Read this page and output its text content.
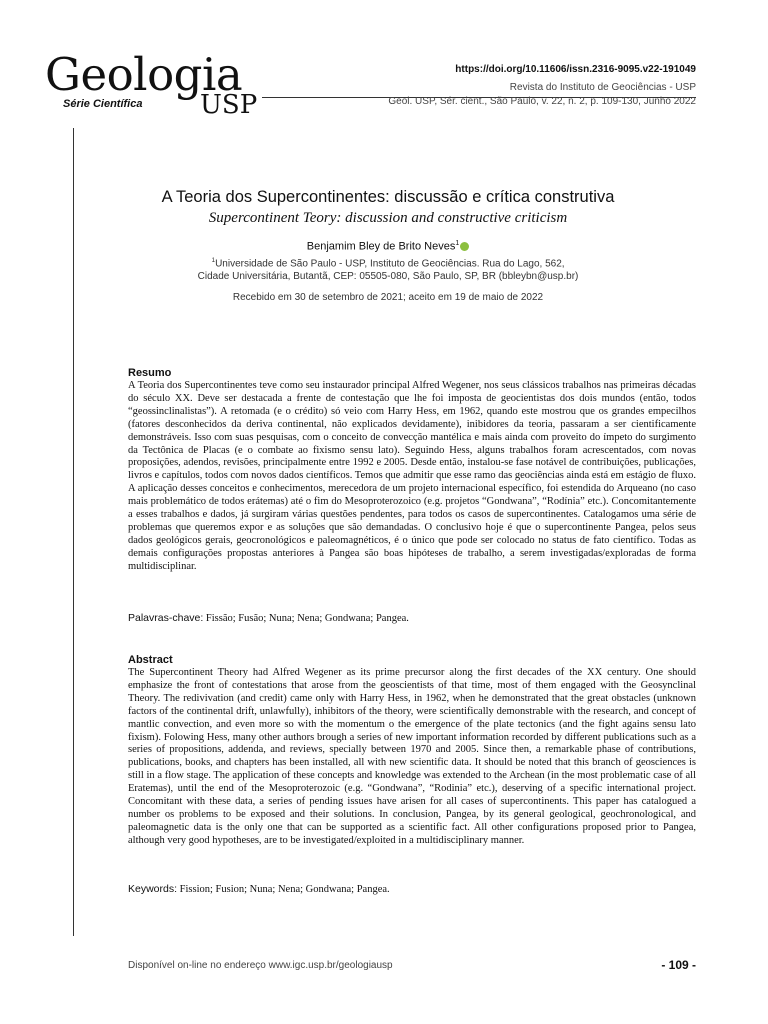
Geologia
Série Científica USP
https://doi.org/10.11606/issn.2316-9095.v22-191049
Revista do Instituto de Geociências - USP
Geol. USP, Sér. cient., São Paulo, v. 22, n. 2, p. 109-130, Junho 2022
A Teoria dos Supercontinentes: discussão e crítica construtiva
Supercontinent Teory: discussion and constructive criticism
Benjamim Bley de Brito Neves$^1$
$^1$Universidade de São Paulo - USP, Instituto de Geociências. Rua do Lago, 562,
Cidade Universitária, Butantã, CEP: 05505-080, São Paulo, SP, BR (bbleybn@usp.br)
Recebido em 30 de setembro de 2021; aceito em 19 de maio de 2022
Resumo
A Teoria dos Supercontinentes teve como seu instaurador principal Alfred Wegener, nos seus clássicos trabalhos nas primeiras décadas do século XX. Deve ser destacada a frente de contestação que lhe foi imposta de geocientistas dos dois mundos (então, todos “geossinclinalistas”). A retomada (e o crédito) só veio com Harry Hess, em 1962, quando este mostrou que os grandes empecilhos (fatores desconhecidos da deriva continental, não explicados devidamente), inibidores da teoria, passaram a ser cientificamente demonstráveis. Isso com suas pesquisas, com o conceito de convecção mantélica e mais ainda com proveito do ímpeto do surgimento da Tectônica de Placas (e o combate ao fixismo sensu lato). Seguindo Hess, alguns trabalhos foram acrescentados, com novas proposições, adendos, revisões, principalmente entre 1992 e 2005. Desde então, instalou-se fase notável de contribuições, publicações, livros e capítulos, todos com novos dados científicos. Temos que admitir que esse ramo das geociências ainda está em estágio de fluxo. A aplicação desses conceitos e conhecimentos, merecedora de um projeto internacional específico, foi estendida do Arqueano (no caso mais problemático de todos erátemas) até o fim do Mesoproterozoico (e.g. projetos “Gondwana”, “Rodínia” etc.). Concomitantemente a esses trabalhos e dados, já surgiram várias questões pendentes, para todos os casos de supercontinentes. Catalogamos uma série de problemas que queremos expor e as soluções que são demandadas. O conclusivo hoje é que o supercontinente Pangea, pelos seus dados geológicos gerais, geocronológicos e paleomagnéticos, é o único que pode ser colocado no status de fato científico. Todas as demais configurações propostas anteriores à Pangea são boas hipóteses de trabalho, a serem investigadas/exploradas de forma multidisciplinar.
Palavras-chave: Fissão; Fusão; Nuna; Nena; Gondwana; Pangea.
Abstract
The Supercontinent Theory had Alfred Wegener as its prime precursor along the first decades of the XX century. One should emphasize the front of contestations that arose from the geoscientists of that time, most of them engaged with the Geosynclinal Theory. The redivivation (and credit) came only with Harry Hess, in 1962, when he demonstrated that the great obstacles (unknown factors of the continental drift, unlawfully), inhibitors of the theory, were scientifically demonstrable with the research, and concept of mantlic convection, and even more so with the momentum o the emergence of the plate tectonics (and the fight agains sensu lato fixism). Folowing Hess, many other authors brough a series of new important information recorded by different publications such as a series of propositions, addenda, and reviews, specially between 1970 and 2005. Since then, a remarkable phase of contributions, publications, books, and chapters has been installed, all with new scientific data. It should be noted that this branch of geosciences is still in a flow stage. The application of these concepts and knowledge was extended to the Archean (in the most problematic case of all Eratemas), until the end of the Mesoproterozoic (e.g. “Gondwana”, “Rodinia” etc.), deserving of a specific international project. Concomitant with these data, a series of pending issues have arisen for all cases of supercontinents. This paper has catalogued a number os problems to be exposed and their solutions. In conclusion, Pangea, by its general geological, geochronological, and paleomagnetic data is the only one that can be supported as a scientific fact. All other configurations proposed prior to Pangea, although very good hypotheses, are to be investigated/exploited in a multidisciplinary manner.
Keywords: Fission; Fusion; Nuna; Nena; Gondwana; Pangea.
Disponível on-line no endereço www.igc.usp.br/geologiausp	- 109 -
